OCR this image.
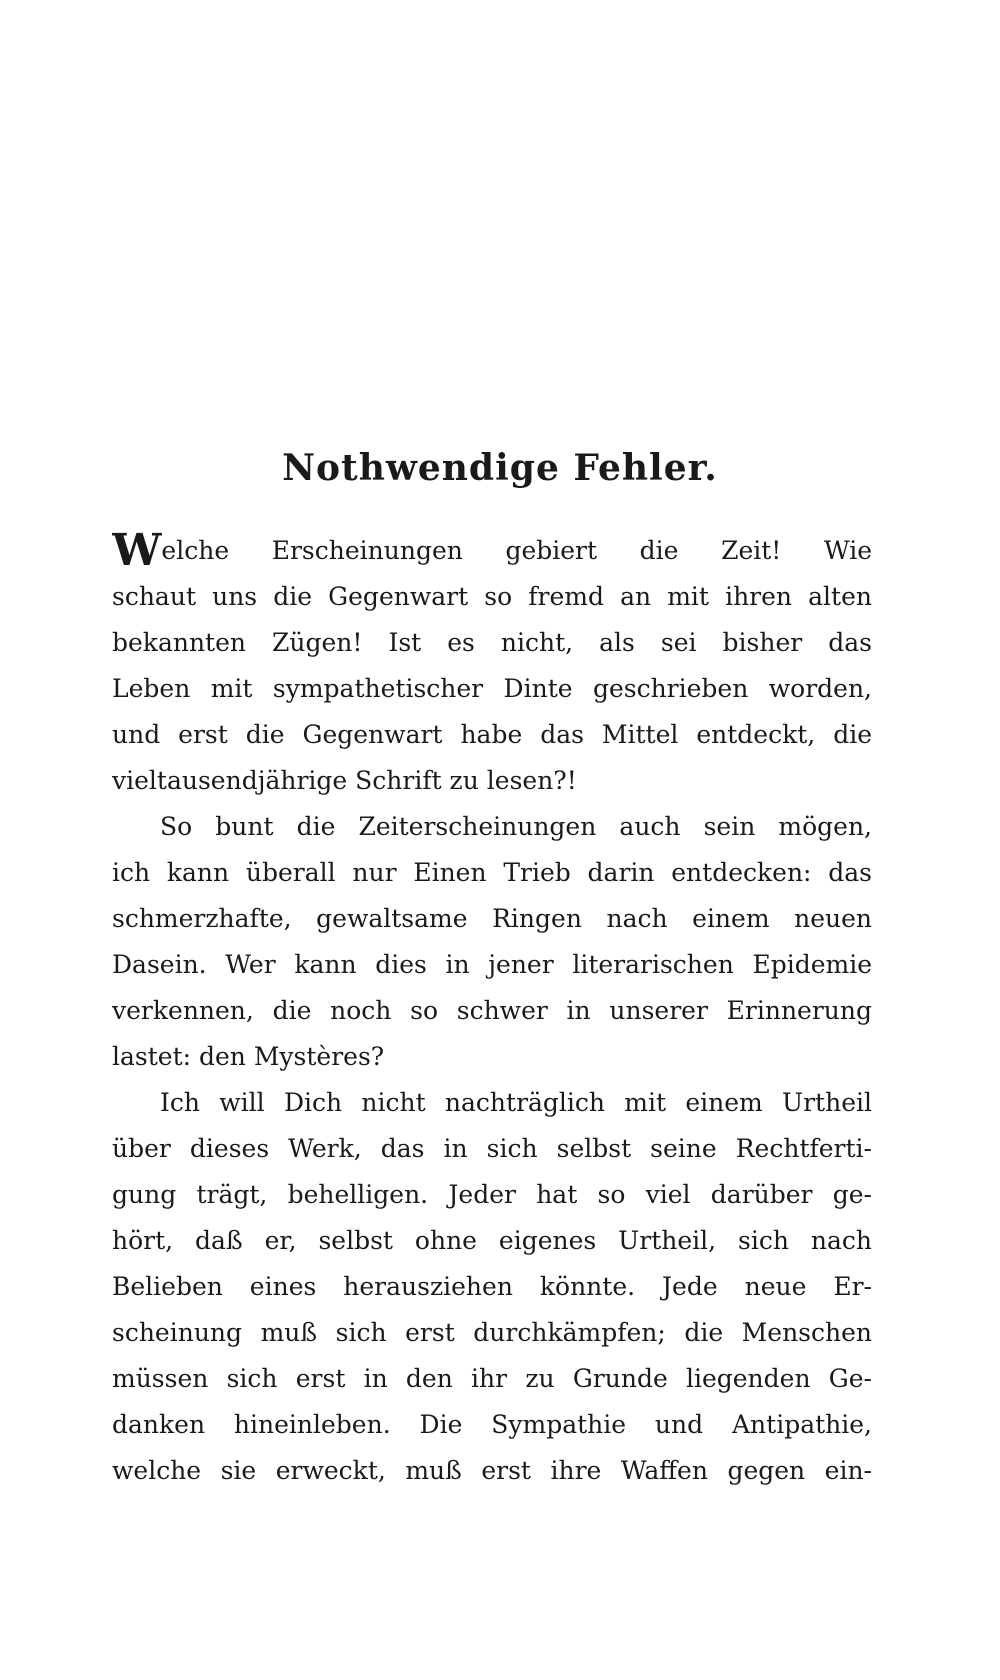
Nothwendige Fehler.
Welche Erscheinungen gebiert die Zeit! Wie
schaut uns die Gegenwart so fremd an mit ihren alten
bekannten Zügen! Ist es nicht, als sei bisher das
Leben mit sympathetischer Dinte geschrieben worden,
und erst die Gegenwart habe das Mittel entdeckt, die
vieltausendjährige Schrift zu lesen?!
So bunt die Zeiterscheinungen auch sein mögen,
ich kann überall nur Einen Trieb darin entdecken: das
schmerzhafte, gewaltsame Ringen nach einem neuen
Dasein. Wer kann dies in jener literarischen Epidemie
verkennen, die noch so schwer in unserer Erinnerung
lastet: den Mystères?
Ich will Dich nicht nachträglich mit einem Urtheil
über dieses Werk, das in sich selbst seine Rechtferti-
gung trägt, behelligen. Jeder hat so viel darüber ge-
hört, daß er, selbst ohne eigenes Urtheil, sich nach
Belieben eines herausziehen könnte. Jede neue Er-
scheinung muß sich erst durchkämpfen; die Menschen
müssen sich erst in den ihr zu Grunde liegenden Ge-
danken hineinleben. Die Sympathie und Antipathie,
welche sie erweckt, muß erst ihre Waffen gegen ein-
